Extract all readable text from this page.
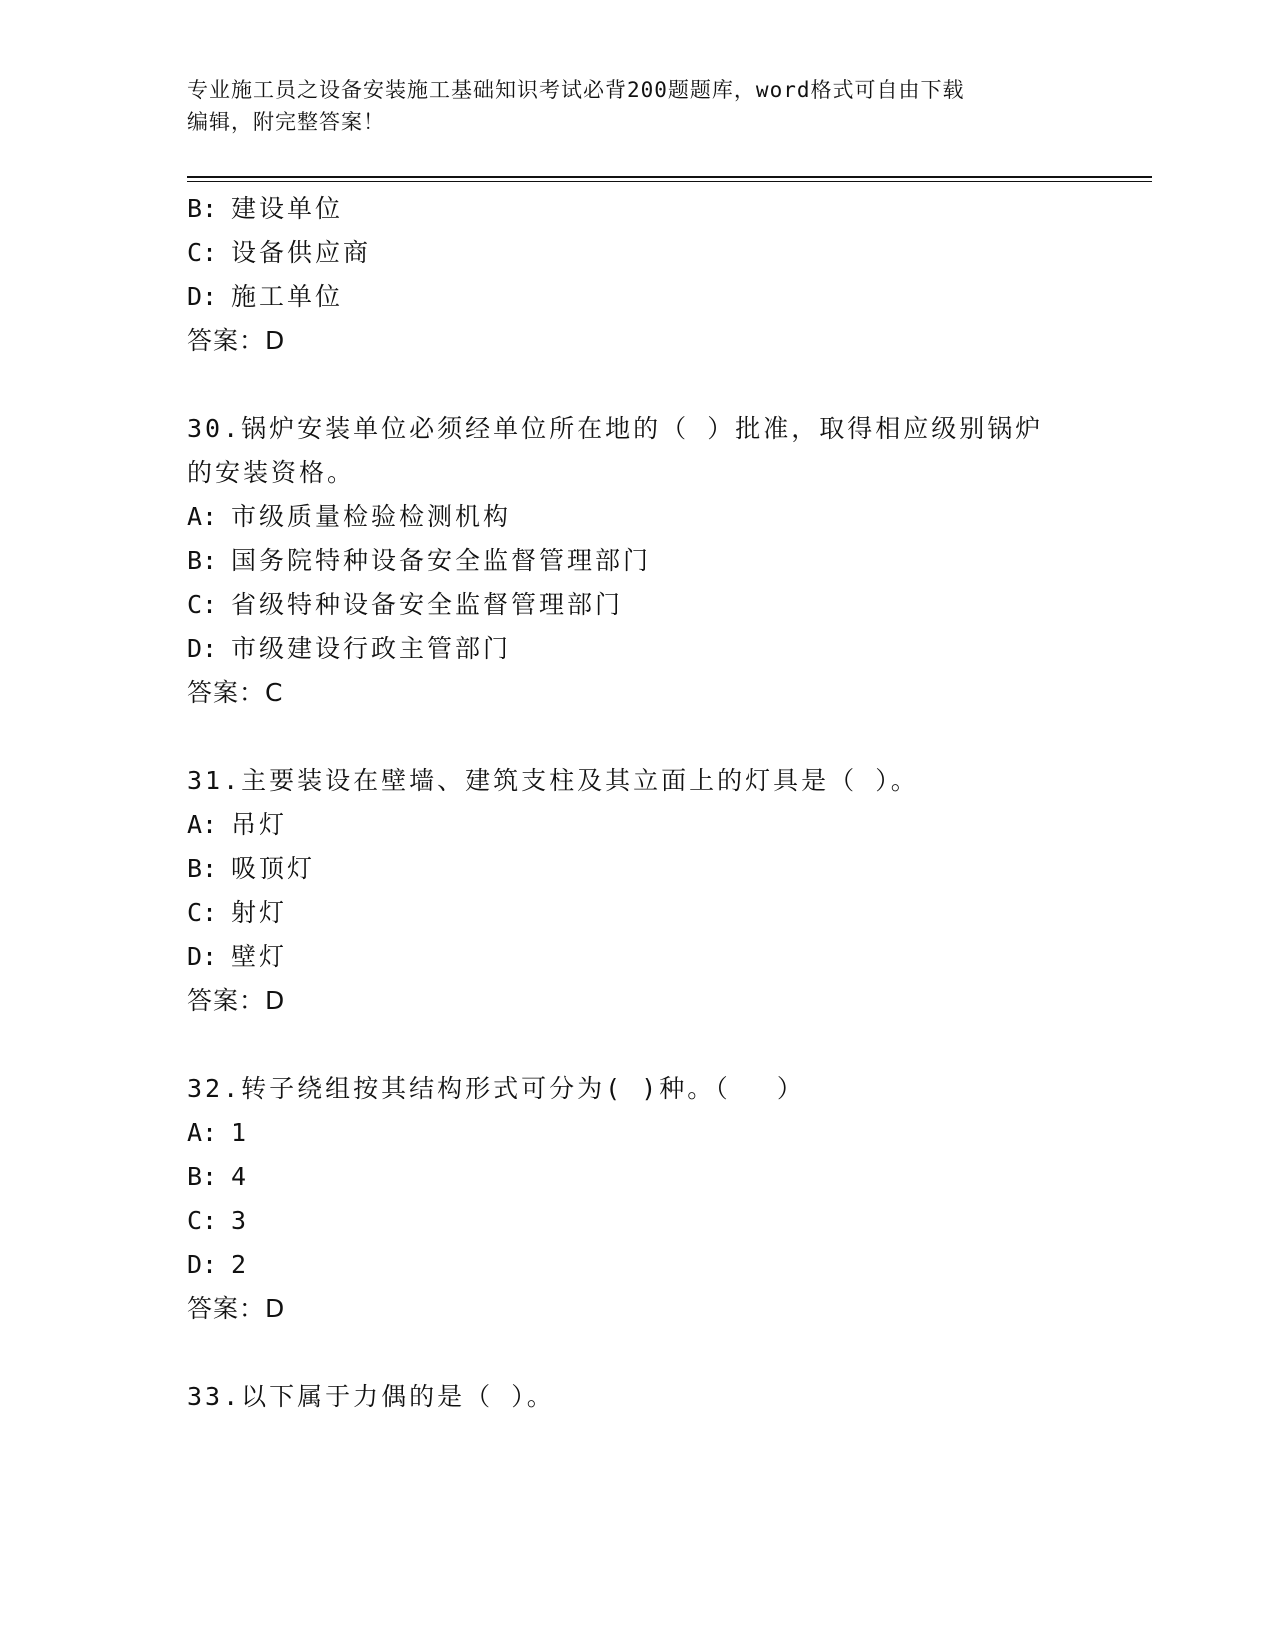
专业施工员之设备安装施工基础知识考试必背200题题库，word格式可自由下载
编辑，附完整答案！
B: 建设单位
C: 设备供应商
D: 施工单位
答案：D
30.锅炉安装单位必须经单位所在地的（ ）批准，取得相应级别锅炉
的安装资格。
A: 市级质量检验检测机构
B: 国务院特种设备安全监督管理部门
C: 省级特种设备安全监督管理部门
D: 市级建设行政主管部门
答案：C
31.主要装设在壁墙、建筑支柱及其立面上的灯具是（ ）。
A: 吊灯
B: 吸顶灯
C: 射灯
D: 壁灯
答案：D
32.转子绕组按其结构形式可分为( )种。（　 ）
A: 1
B: 4
C: 3
D: 2
答案：D
33.以下属于力偶的是（ ）。
